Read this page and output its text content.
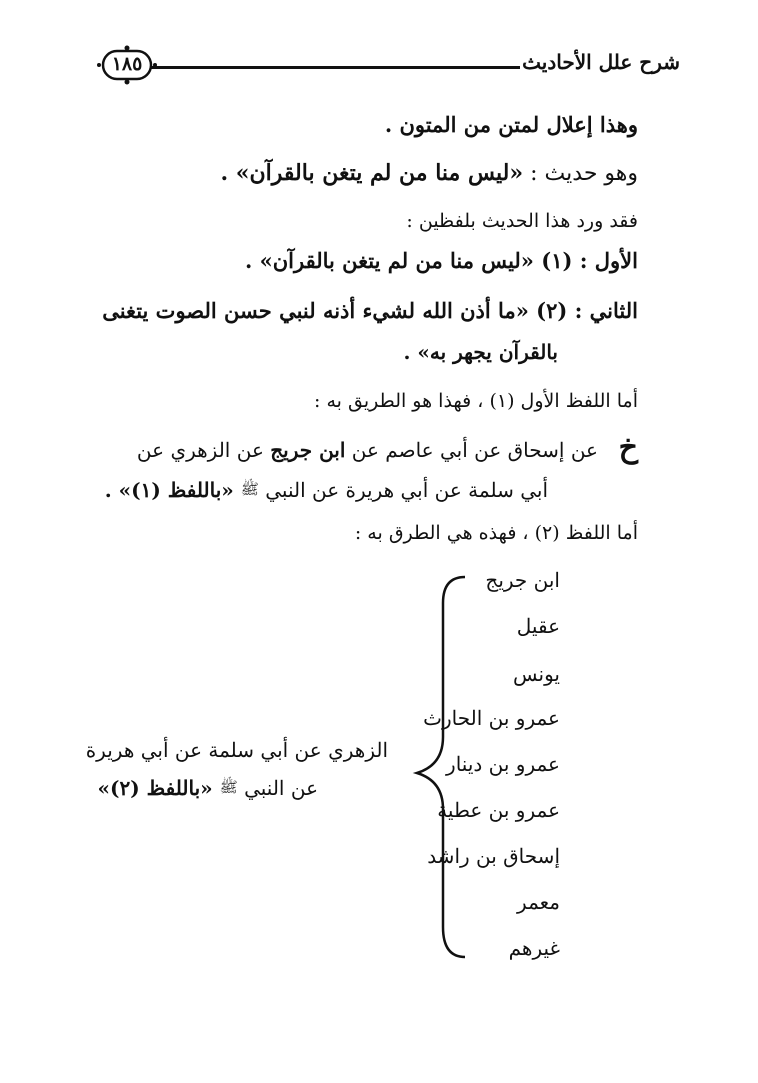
شرح علل الأحاديث
١٨٥
وهذا إعلال لمتن من المتون .
وهو حديث : «ليس منا من لم يتغن بالقرآن» .
فقد ورد هذا الحديث بلفظين :
الأول : (١) «ليس منا من لم يتغن بالقرآن» .
الثاني : (٢) «ما أذن الله لشيء أذنه لنبي حسن الصوت يتغنى
بالقرآن يجهر به» .
أما اللفظ الأول (١) ، فهذا هو الطريق به :
خ
عن إسحاق عن أبي عاصم عن ابن جريج عن الزهري عن
أبي سلمة عن أبي هريرة عن النبي ﷺ «باللفظ (١)» .
أما اللفظ (٢) ، فهذه هي الطرق به :
ابن جريج
عقيل
يونس
عمرو بن الحارث
عمرو بن دينار
عمرو بن عطية
إسحاق بن راشد
معمر
غيرهم
الزهري عن أبي سلمة عن أبي هريرة
عن النبي ﷺ «باللفظ (٢)»
